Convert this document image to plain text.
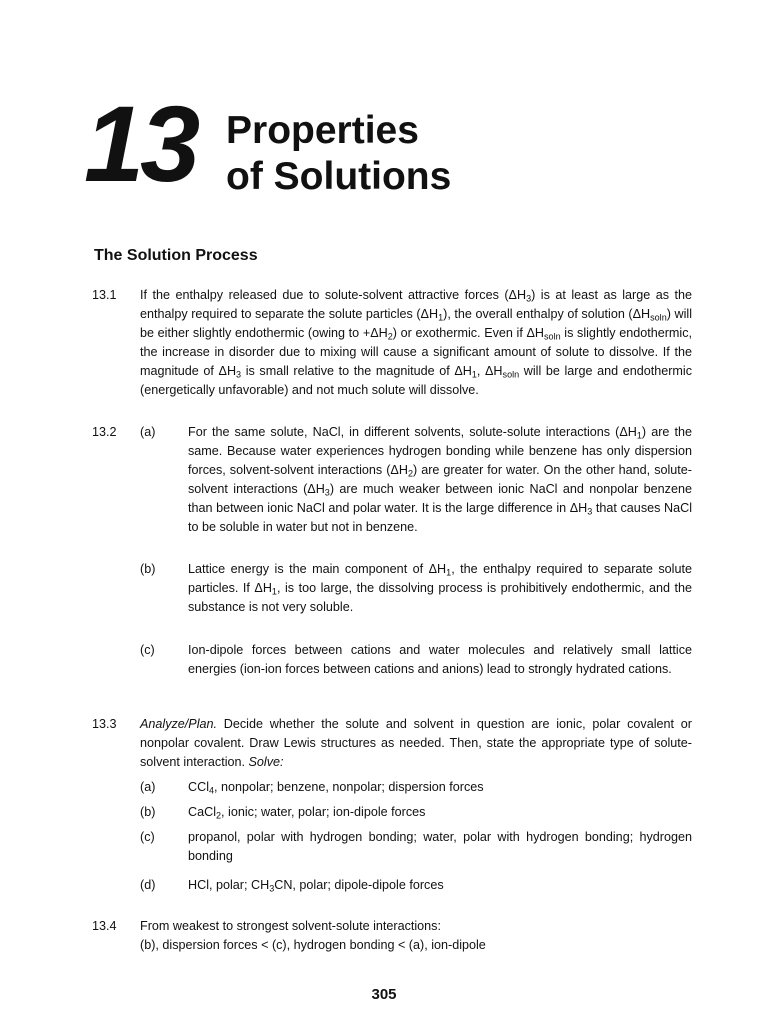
13 Properties
of Solutions
The Solution Process
13.1 If the enthalpy released due to solute-solvent attractive forces $(\Delta H_3)$ is at least as large as the enthalpy required to separate the solute particles $(\Delta H_1)$, the overall enthalpy of solution $(\Delta H_{soln})$ will be either slightly endothermic (owing to $+\Delta H_2$) or exothermic. Even if $\Delta H_{soln}$ is slightly endothermic, the increase in disorder due to mixing will cause a significant amount of solute to dissolve. If the magnitude of $\Delta H_3$ is small relative to the magnitude of $\Delta H_1$, $\Delta H_{soln}$ will be large and endothermic (energetically unfavorable) and not much solute will dissolve.
13.2 (a)	For the same solute, NaCl, in different solvents, solute-solute interactions $(\Delta H_1)$ are the same. Because water experiences hydrogen bonding while benzene has only dispersion forces, solvent-solvent interactions $(\Delta H_2)$ are greater for water. On the other hand, solute-solvent interactions $(\Delta H_3)$ are much weaker between ionic NaCl and nonpolar benzene than between ionic NaCl and polar water. It is the large difference in $\Delta H_3$ that causes NaCl to be soluble in water but not in benzene.
(b)	Lattice energy is the main component of $\Delta H_1$, the enthalpy required to separate solute particles. If $\Delta H_1$, is too large, the dissolving process is prohibitively endothermic, and the substance is not very soluble.
(c)	Ion-dipole forces between cations and water molecules and relatively small lattice energies (ion-ion forces between cations and anions) lead to strongly hydrated cations.
13.3 Analyze/Plan. Decide whether the solute and solvent in question are ionic, polar covalent or nonpolar covalent. Draw Lewis structures as needed. Then, state the appropriate type of solute-solvent interaction. Solve:
(a)	CCl$_4$, nonpolar; benzene, nonpolar; dispersion forces
(b)	CaCl$_2$, ionic; water, polar; ion-dipole forces
(c)	propanol, polar with hydrogen bonding; water, polar with hydrogen bonding; hydrogen bonding
(d)	HCl, polar; $CH_3CN$, polar; dipole-dipole forces
13.4 From weakest to strongest solvent-solute interactions:
(b), dispersion forces < (c), hydrogen bonding < (a), ion-dipole
305
